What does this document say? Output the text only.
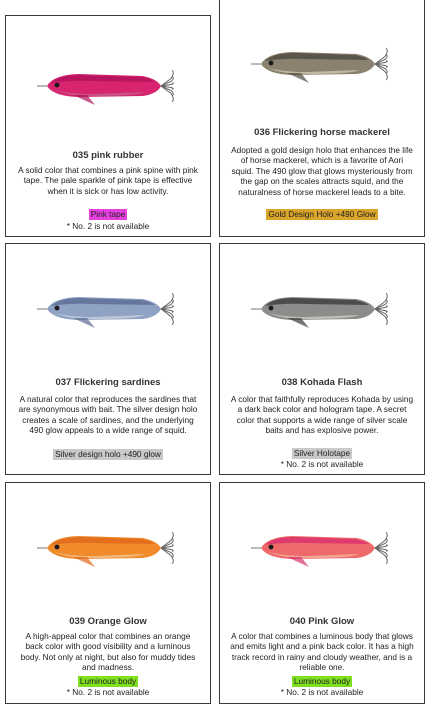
035 pink rubber
A solid color that combines a pink spine with pink tape. The pale sparkle of pink tape is effective when it is sick or has low activity.
Pink tape
* No. 2 is not available
036 Flickering horse mackerel
Adopted a gold design holo that enhances the life of horse mackerel, which is a favorite of Aori squid. The 490 glow that glows mysteriously from the gap on the scales attracts squid, and the naturalness of horse mackerel leads to a bite.
Gold Design Holo +490 Glow
037 Flickering sardines
A natural color that reproduces the sardines that are synonymous with bait. The silver design holo creates a scale of sardines, and the underlying 490 glow appeals to a wide range of squid.
Silver design holo +490 glow
038 Kohada Flash
A color that faithfully reproduces Kohada by using a dark back color and hologram tape. A secret color that supports a wide range of silver scale baits and has explosive power.
Silver Holotape
* No. 2 is not available
039 Orange Glow
A high-appeal color that combines an orange back color with good visibility and a luminous body. Not only at night, but also for muddy tides and madness.
Luminous body
* No. 2 is not available
040 Pink Glow
A color that combines a luminous body that glows and emits light and a pink back color. It has a high track record in rainy and cloudy weather, and is a reliable one.
Luminous body
* No. 2 is not available
